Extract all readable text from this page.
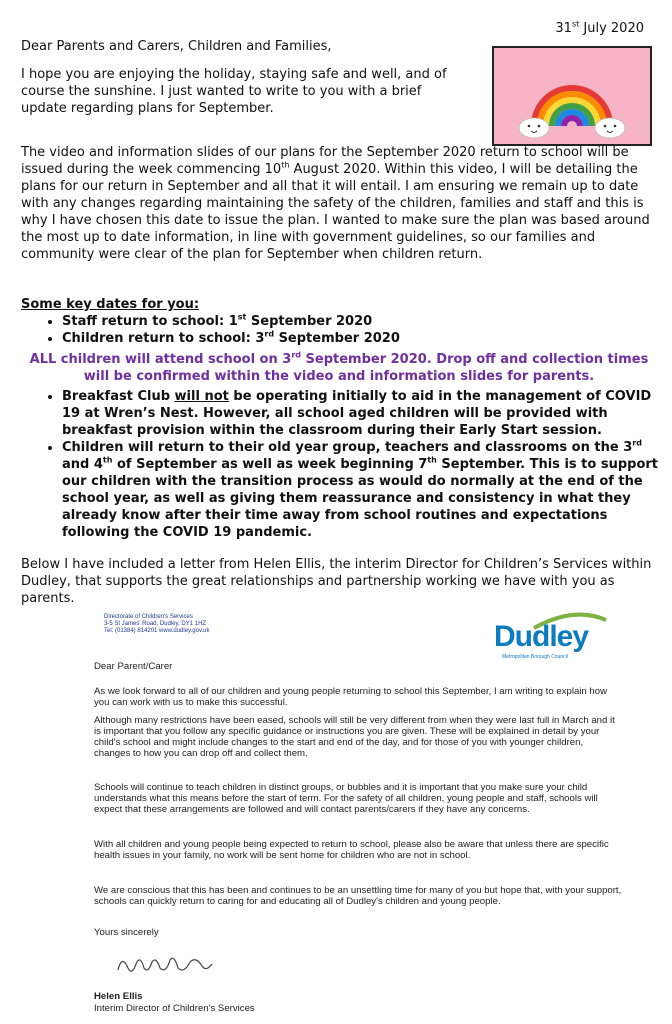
31st July 2020
Dear Parents and Carers, Children and Families,
I hope you are enjoying the holiday, staying safe and well, and of course the sunshine. I just wanted to write to you with a brief update regarding plans for September.
The video and information slides of our plans for the September 2020 return to school will be issued during the week commencing 10th August 2020. Within this video, I will be detailing the plans for our return in September and all that it will entail. I am ensuring we remain up to date with any changes regarding maintaining the safety of the children, families and staff and this is why I have chosen this date to issue the plan. I wanted to make sure the plan was based around the most up to date information, in line with government guidelines, so our families and community were clear of the plan for September when children return.
Some key dates for you:
• Staff return to school: 1st September 2020
• Children return to school: 3rd September 2020
ALL children will attend school on 3rd September 2020. Drop off and collection times will be confirmed within the video and information slides for parents.
• Breakfast Club will not be operating initially to aid in the management of COVID 19 at Wren’s Nest. However, all school aged children will be provided with breakfast provision within the classroom during their Early Start session.
• Children will return to their old year group, teachers and classrooms on the 3rd and 4th of September as well as week beginning 7th September. This is to support our children with the transition process as would do normally at the end of the school year, as well as giving them reassurance and consistency in what they already know after their time away from school routines and expectations following the COVID 19 pandemic.
Below I have included a letter from Helen Ellis, the interim Director for Children’s Services within Dudley, that supports the great relationships and partnership working we have with you as parents.
Directorate of Children's Services
3-5 St James' Road, Dudley, DY1 1HZ
Tel: (01384) 814201 www.dudley.gov.uk	Dudley
Metropolitan Borough Council
Dear Parent/Carer

As we look forward to all of our children and young people returning to school this September, I am writing to explain how you can work with us to make this successful.

Although many restrictions have been eased, schools will still be very different from when they were last full in March and it is important that you follow any specific guidance or instructions you are given. These will be explained in detail by your child's school and might include changes to the start and end of the day, and for those of you with younger children, changes to how you can drop off and collect them.

Schools will continue to teach children in distinct groups, or bubbles and it is important that you make sure your child understands what this means before the start of term. For the safety of all children, young people and staff, schools will expect that these arrangements are followed and will contact parents/carers if they have any concerns.

With all children and young people being expected to return to school, please also be aware that unless there are specific health issues in your family, no work will be sent home for children who are not in school.

We are conscious that this has been and continues to be an unsettling time for many of you but hope that, with your support, schools can quickly return to caring for and educating all of Dudley's children and young people.

Yours sincerely
Helen Ellis
Interim Director of Children's Services
